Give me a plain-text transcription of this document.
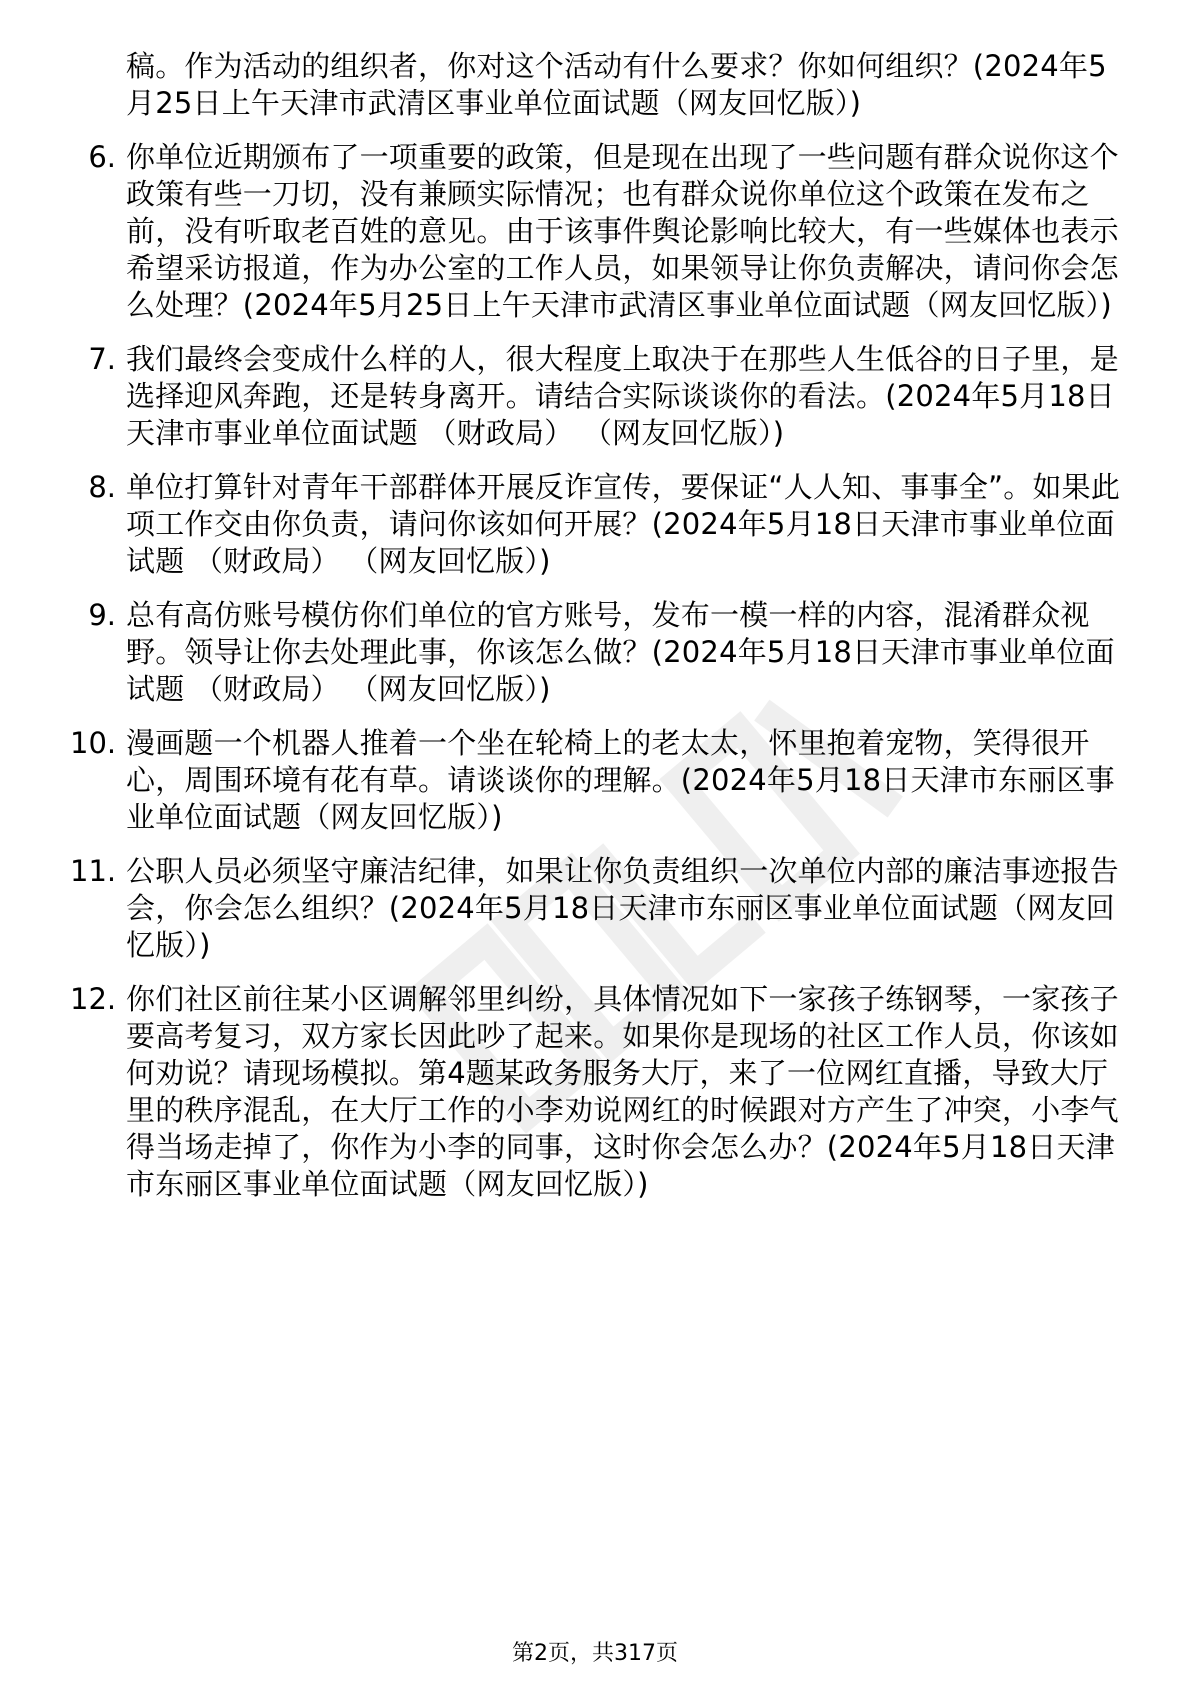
稿。作为活动的组织者，你对这个活动有什么要求？你如何组织？(2024年5月25日上午天津市武清区事业单位面试题（网友回忆版）)
6. 你单位近期颁布了一项重要的政策，但是现在出现了一些问题有群众说你这个政策有些一刀切，没有兼顾实际情况；也有群众说你单位这个政策在发布之前，没有听取老百姓的意见。由于该事件舆论影响比较大，有一些媒体也表示希望采访报道，作为办公室的工作人员，如果领导让你负责解决，请问你会怎么处理？(2024年5月25日上午天津市武清区事业单位面试题（网友回忆版）)
7. 我们最终会变成什么样的人，很大程度上取决于在那些人生低谷的日子里，是选择迎风奔跑，还是转身离开。请结合实际谈谈你的看法。(2024年5月18日天津市事业单位面试题 （财政局） （网友回忆版）)
8. 单位打算针对青年干部群体开展反诈宣传，要保证“人人知、事事全”。如果此项工作交由你负责，请问你该如何开展？(2024年5月18日天津市事业单位面试题 （财政局） （网友回忆版）)
9. 总有高仿账号模仿你们单位的官方账号，发布一模一样的内容，混淆群众视野。领导让你去处理此事，你该怎么做？(2024年5月18日天津市事业单位面试题 （财政局） （网友回忆版）)
10. 漫画题一个机器人推着一个坐在轮椅上的老太太，怀里抱着宠物，笑得很开心，周围环境有花有草。请谈谈你的理解。(2024年5月18日天津市东丽区事业单位面试题（网友回忆版）)
11. 公职人员必须坚守廉洁纪律，如果让你负责组织一次单位内部的廉洁事迹报告会，你会怎么组织？(2024年5月18日天津市东丽区事业单位面试题（网友回忆版）)
12. 你们社区前往某小区调解邻里纠纷，具体情况如下一家孩子练钢琴，一家孩子要高考复习，双方家长因此吵了起来。如果你是现场的社区工作人员，你该如何劝说？请现场模拟。第4题某政务服务大厅，来了一位网红直播，导致大厅里的秩序混乱，在大厅工作的小李劝说网红的时候跟对方产生了冲突，小李气得当场走掉了，你作为小李的同事，这时你会怎么办？(2024年5月18日天津市东丽区事业单位面试题（网友回忆版）)
第2页，共317页
